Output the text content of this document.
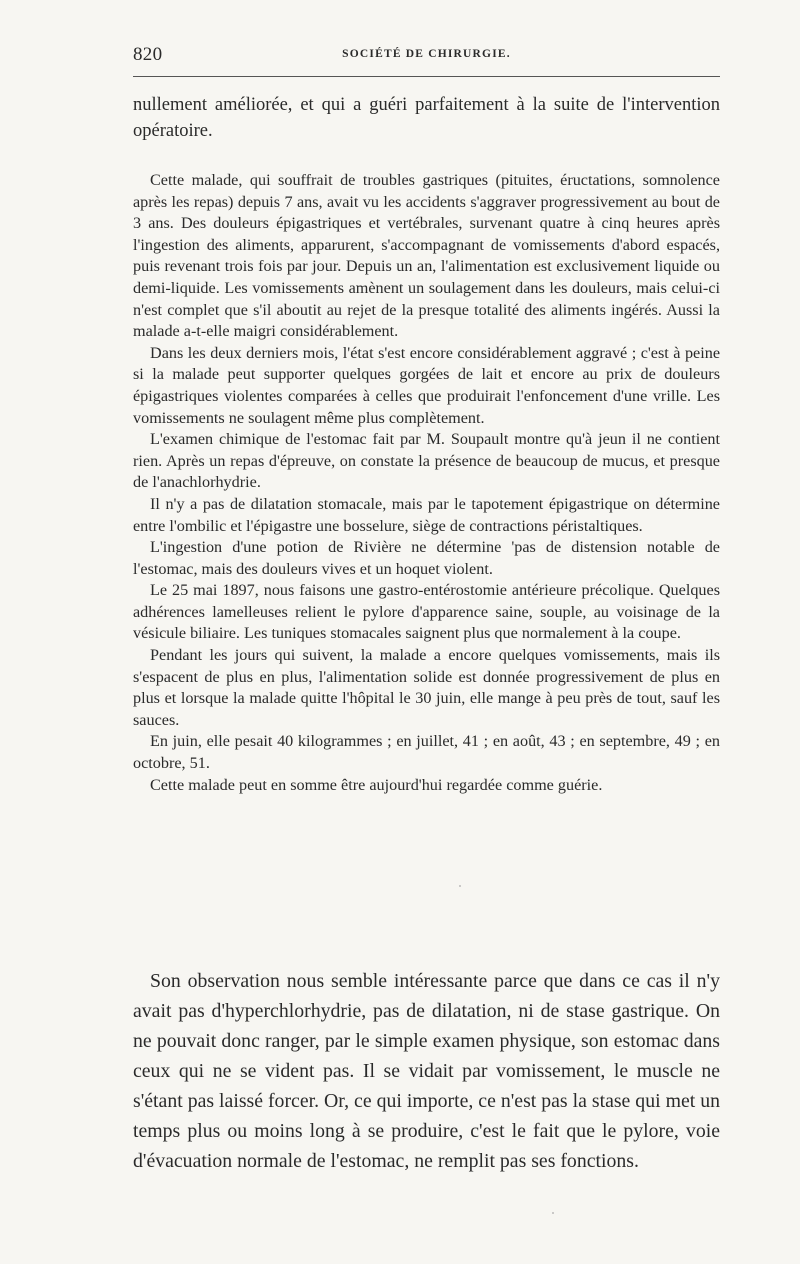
820	SOCIÉTÉ DE CHIRURGIE.

nullement améliorée, et qui a guéri parfaitement à la suite de l'intervention opératoire.

Cette malade, qui souffrait de troubles gastriques (pituites, éructations, somnolence après les repas) depuis 7 ans, avait vu les accidents s'aggraver progressivement au bout de 3 ans. Des douleurs épigastriques et vertébrales, survenant quatre à cinq heures après l'ingestion des aliments, apparurent, s'accompagnant de vomissements d'abord espacés, puis revenant trois fois par jour. Depuis un an, l'alimentation est exclusivement liquide ou demi-liquide. Les vomissements amènent un soulagement dans les douleurs, mais celui-ci n'est complet que s'il aboutit au rejet de la presque totalité des aliments ingérés. Aussi la malade a-t-elle maigri considérablement.

Dans les deux derniers mois, l'état s'est encore considérablement aggravé ; c'est à peine si la malade peut supporter quelques gorgées de lait et encore au prix de douleurs épigastriques violentes comparées à celles que produirait l'enfoncement d'une vrille. Les vomissements ne soulagent même plus complètement.

L'examen chimique de l'estomac fait par M. Soupault montre qu'à jeun il ne contient rien. Après un repas d'épreuve, on constate la présence de beaucoup de mucus, et presque de l'anachlorhydrie.

Il n'y a pas de dilatation stomacale, mais par le tapotement épigastrique on détermine entre l'ombilic et l'épigastre une bosselure, siège de contractions péristaltiques.

L'ingestion d'une potion de Rivière ne détermine 'pas de distension notable de l'estomac, mais des douleurs vives et un hoquet violent.

Le 25 mai 1897, nous faisons une gastro-entérostomie antérieure précolique. Quelques adhérences lamelleuses relient le pylore d'apparence saine, souple, au voisinage de la vésicule biliaire. Les tuniques stomacales saignent plus que normalement à la coupe.

Pendant les jours qui suivent, la malade a encore quelques vomissements, mais ils s'espacent de plus en plus, l'alimentation solide est donnée progressivement de plus en plus et lorsque la malade quitte l'hôpital le 30 juin, elle mange à peu près de tout, sauf les sauces.

En juin, elle pesait 40 kilogrammes ; en juillet, 41 ; en août, 43 ; en septembre, 49 ; en octobre, 51.

Cette malade peut en somme être aujourd'hui regardée comme guérie.

Son observation nous semble intéressante parce que dans ce cas il n'y avait pas d'hyperchlorhydrie, pas de dilatation, ni de stase gastrique. On ne pouvait donc ranger, par le simple examen physique, son estomac dans ceux qui ne se vident pas. Il se vidait par vomissement, le muscle ne s'étant pas laissé forcer. Or, ce qui importe, ce n'est pas la stase qui met un temps plus ou moins long à se produire, c'est le fait que le pylore, voie d'évacuation normale de l'estomac, ne remplit pas ses fonctions.
